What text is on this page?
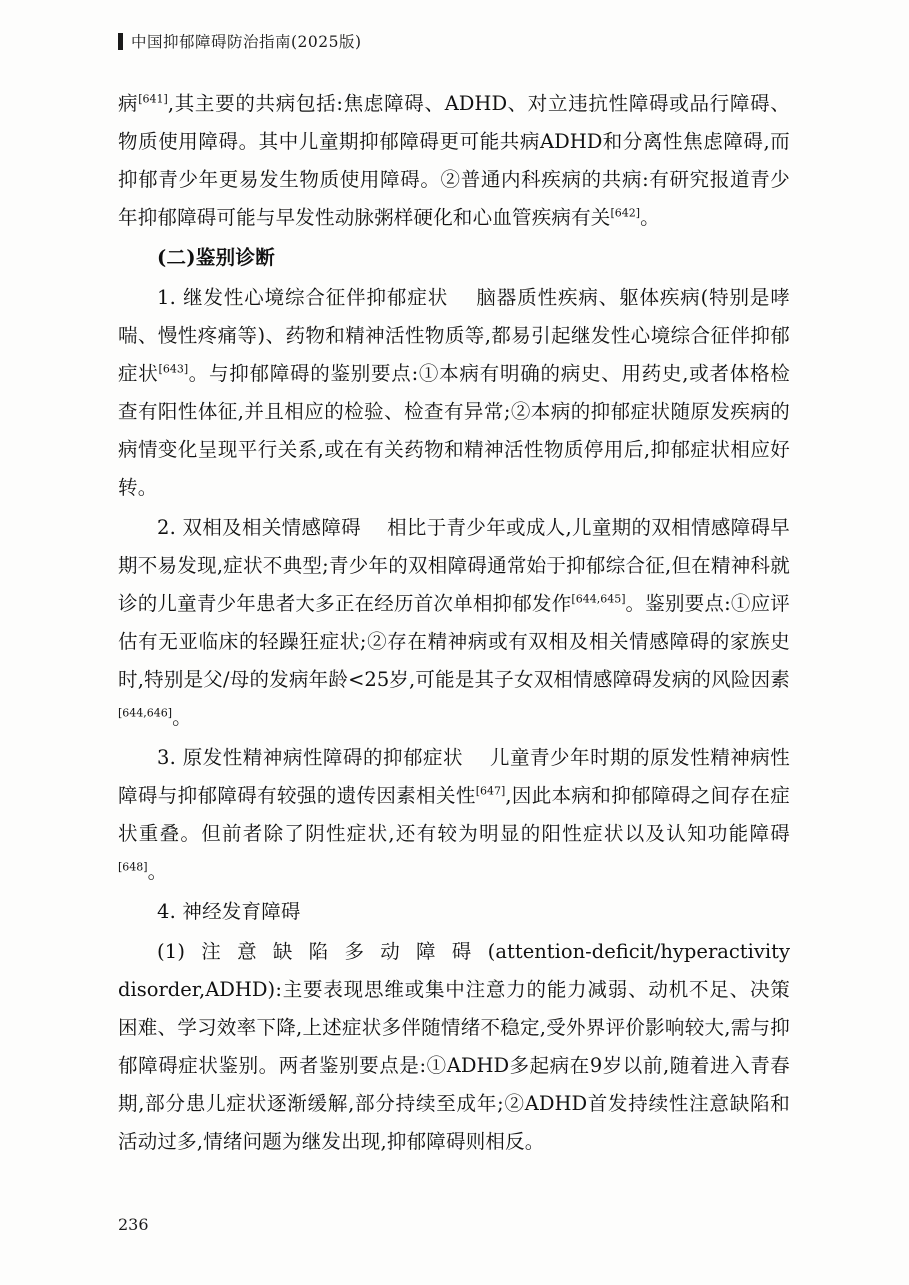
中国抑郁障碍防治指南(2025版)

病[641],其主要的共病包括:焦虑障碍、ADHD、对立违抗性障碍或品行障碍、物质使用障碍。其中儿童期抑郁障碍更可能共病ADHD和分离性焦虑障碍,而抑郁青少年更易发生物质使用障碍。②普通内科疾病的共病:有研究报道青少年抑郁障碍可能与早发性动脉粥样硬化和心血管疾病有关[642]。

(二)鉴别诊断

1. 继发性心境综合征伴抑郁症状    脑器质性疾病、躯体疾病(特别是哮喘、慢性疼痛等)、药物和精神活性物质等,都易引起继发性心境综合征伴抑郁症状[643]。与抑郁障碍的鉴别要点:①本病有明确的病史、用药史,或者体格检查有阳性体征,并且相应的检验、检查有异常;②本病的抑郁症状随原发疾病的病情变化呈现平行关系,或在有关药物和精神活性物质停用后,抑郁症状相应好转。

2. 双相及相关情感障碍    相比于青少年或成人,儿童期的双相情感障碍早期不易发现,症状不典型;青少年的双相障碍通常始于抑郁综合征,但在精神科就诊的儿童青少年患者大多正在经历首次单相抑郁发作[644,645]。鉴别要点:①应评估有无亚临床的轻躁狂症状;②存在精神病或有双相及相关情感障碍的家族史时,特别是父/母的发病年龄<25岁,可能是其子女双相情感障碍发病的风险因素[644,646]。

3. 原发性精神病性障碍的抑郁症状    儿童青少年时期的原发性精神病性障碍与抑郁障碍有较强的遗传因素相关性[647],因此本病和抑郁障碍之间存在症状重叠。但前者除了阴性症状,还有较为明显的阳性症状以及认知功能障碍[648]。

4. 神经发育障碍

(1)注意缺陷多动障碍(attention-deficit/hyperactivity disorder,ADHD):主要表现思维或集中注意力的能力减弱、动机不足、决策困难、学习效率下降,上述症状多伴随情绪不稳定,受外界评价影响较大,需与抑郁障碍症状鉴别。两者鉴别要点是:①ADHD多起病在9岁以前,随着进入青春期,部分患儿症状逐渐缓解,部分持续至成年;②ADHD首发持续性注意缺陷和活动过多,情绪问题为继发出现,抑郁障碍则相反。

236
